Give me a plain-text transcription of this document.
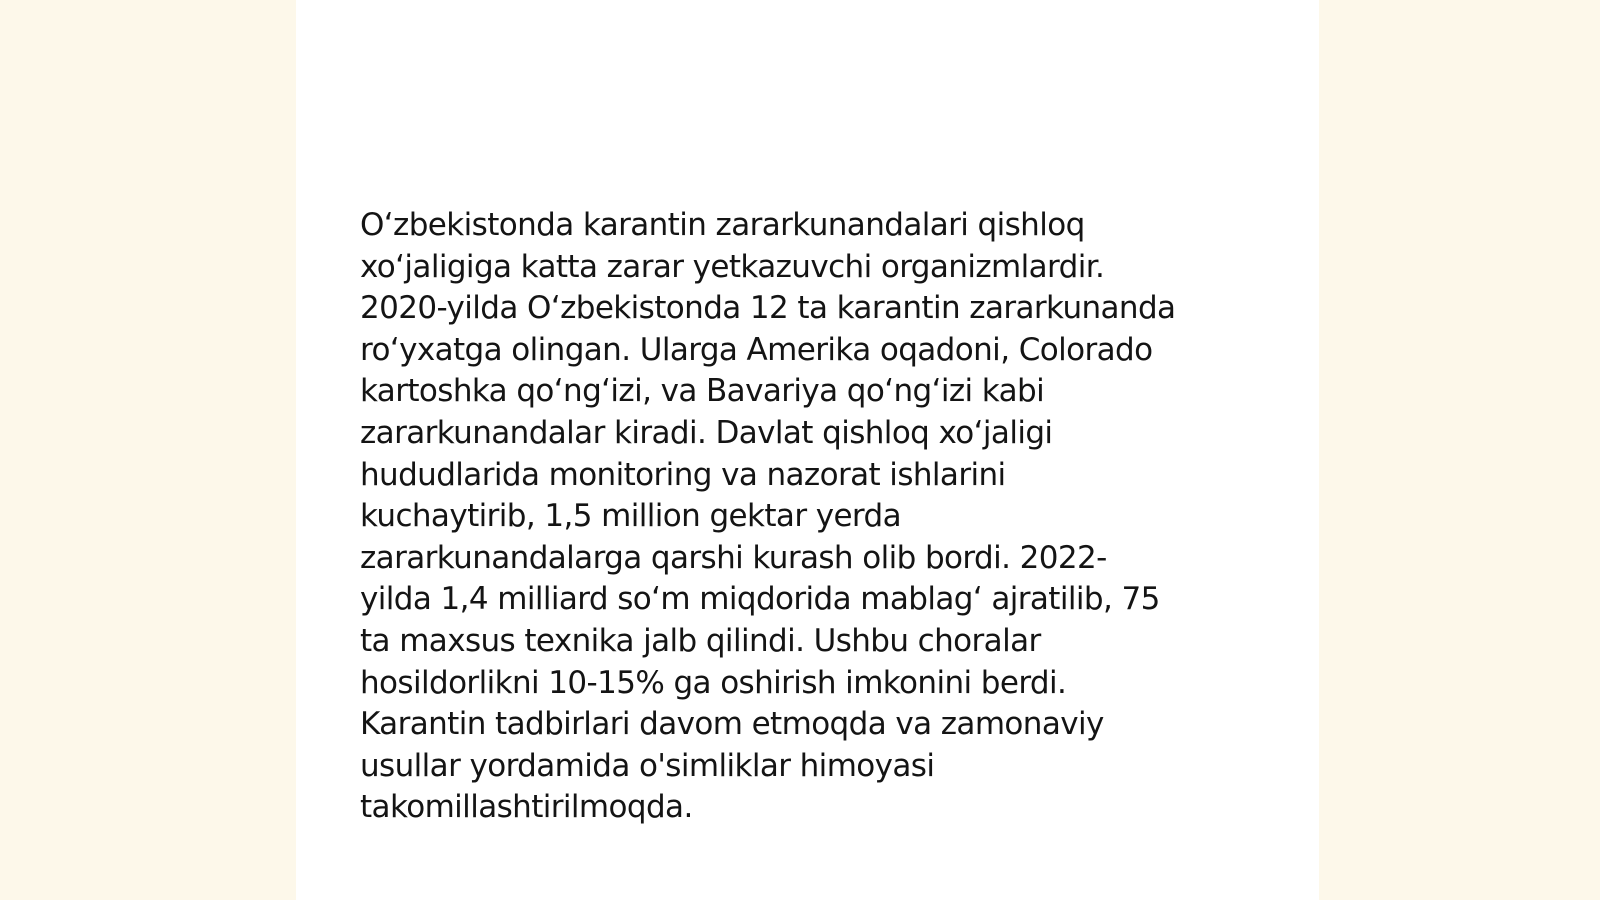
O‘zbekistonda karantin zararkunandalari qishloq
xo‘jaligiga katta zarar yetkazuvchi organizmlardir.
2020-yilda O‘zbekistonda 12 ta karantin zararkunanda
ro‘yxatga olingan. Ularga Amerika oqadoni, Colorado
kartoshka qo‘ng‘izi, va Bavariya qo‘ng‘izi kabi
zararkunandalar kiradi. Davlat qishloq xo‘jaligi
hududlarida monitoring va nazorat ishlarini
kuchaytirib, 1,5 million gektar yerda
zararkunandalarga qarshi kurash olib bordi. 2022-
yilda 1,4 milliard so‘m miqdorida mablag‘ ajratilib, 75
ta maxsus texnika jalb qilindi. Ushbu choralar
hosildorlikni 10-15% ga oshirish imkonini berdi.
Karantin tadbirlari davom etmoqda va zamonaviy
usullar yordamida o'simliklar himoyasi
takomillashtirilmoqda.
